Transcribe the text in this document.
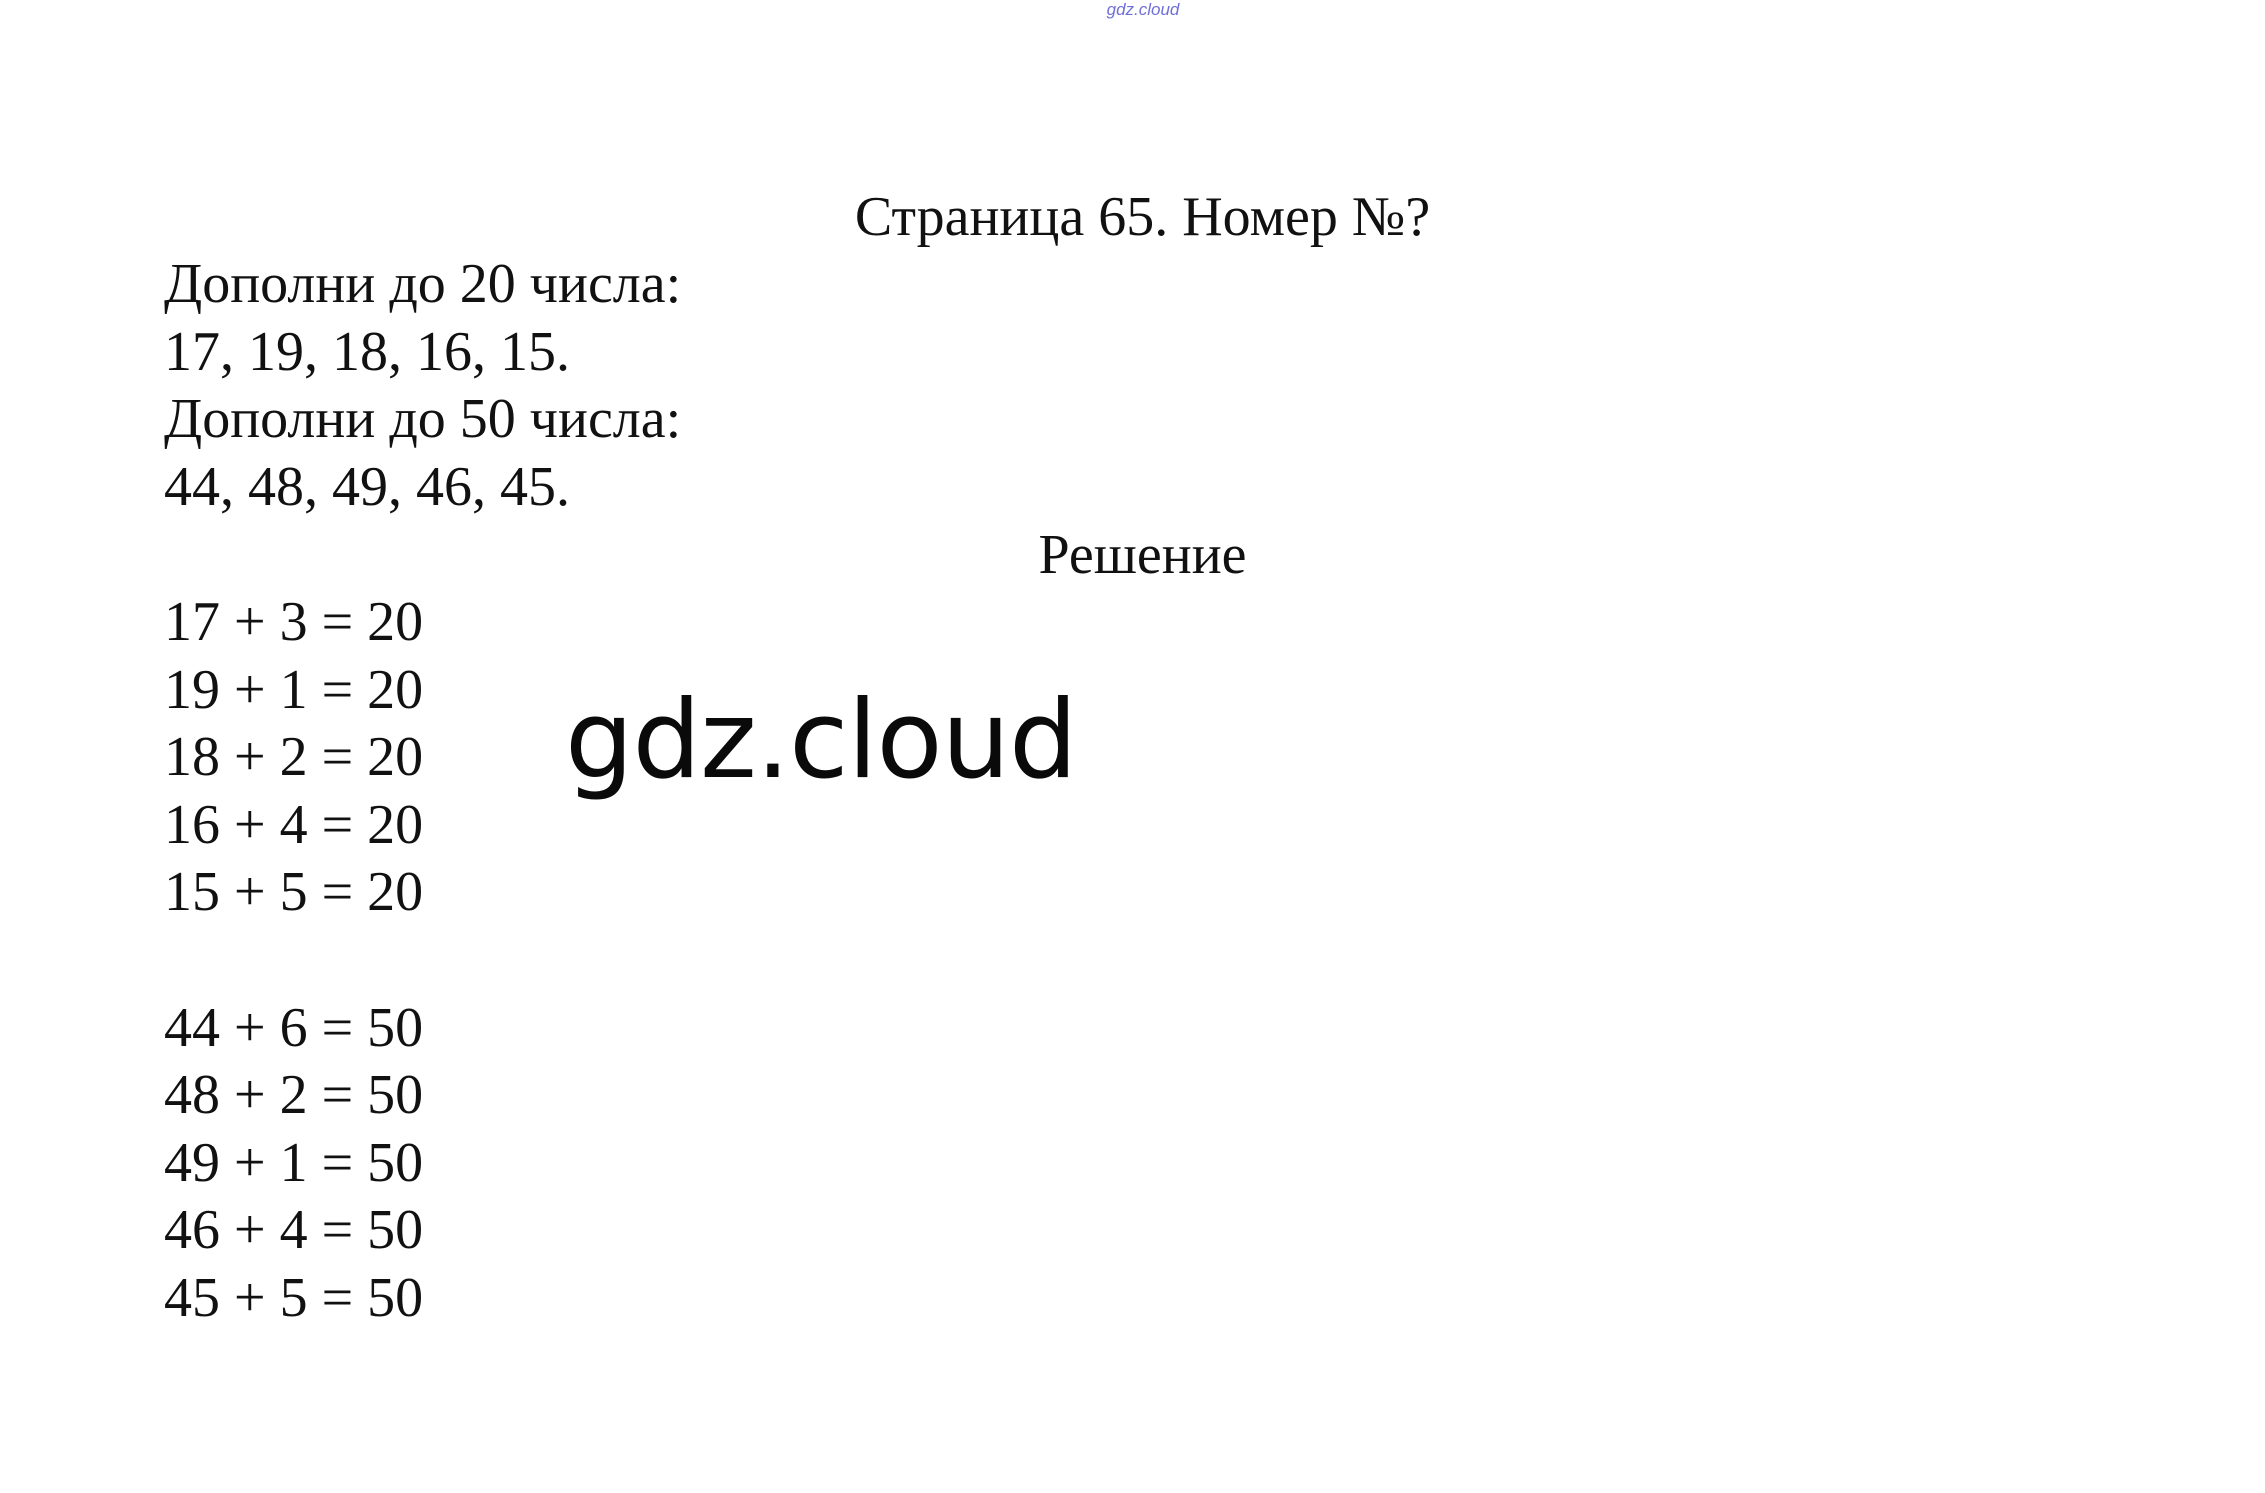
gdz.cloud
Страница 65. Номер №?
Дополни до 20 числа:
17, 19, 18, 16, 15.
Дополни до 50 числа:
44, 48, 49, 46, 45.
Решение
17 + 3 = 20
19 + 1 = 20
18 + 2 = 20
16 + 4 = 20
15 + 5 = 20
44 + 6 = 50
48 + 2 = 50
49 + 1 = 50
46 + 4 = 50
45 + 5 = 50
gdz.cloud
